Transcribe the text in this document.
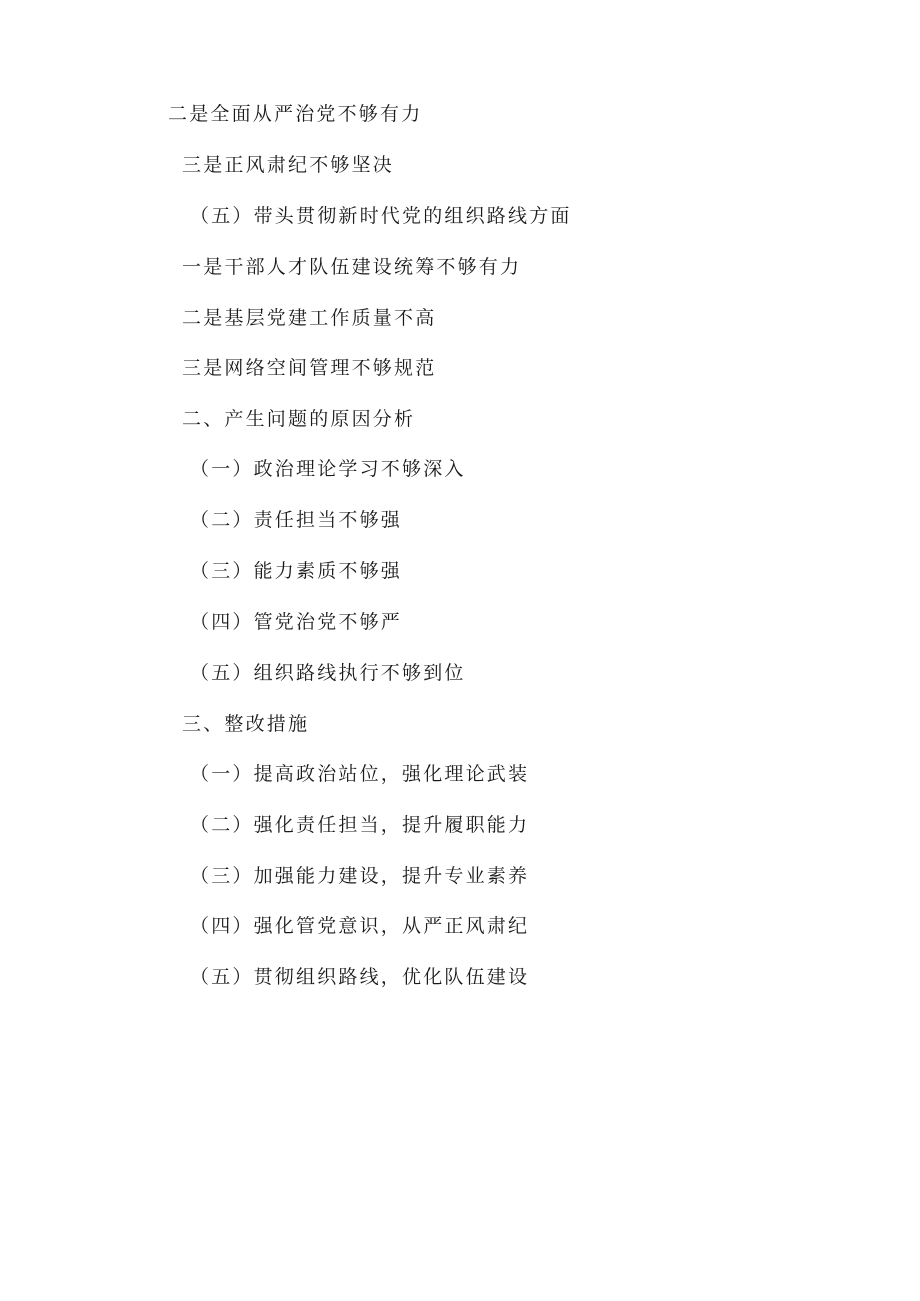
二是全面从严治党不够有力
三是正风肃纪不够坚决
（五）带头贯彻新时代党的组织路线方面
一是干部人才队伍建设统筹不够有力
二是基层党建工作质量不高
三是网络空间管理不够规范
二、产生问题的原因分析
（一）政治理论学习不够深入
（二）责任担当不够强
（三）能力素质不够强
（四）管党治党不够严
（五）组织路线执行不够到位
三、整改措施
（一）提高政治站位，强化理论武装
（二）强化责任担当，提升履职能力
（三）加强能力建设，提升专业素养
（四）强化管党意识，从严正风肃纪
（五）贯彻组织路线，优化队伍建设
